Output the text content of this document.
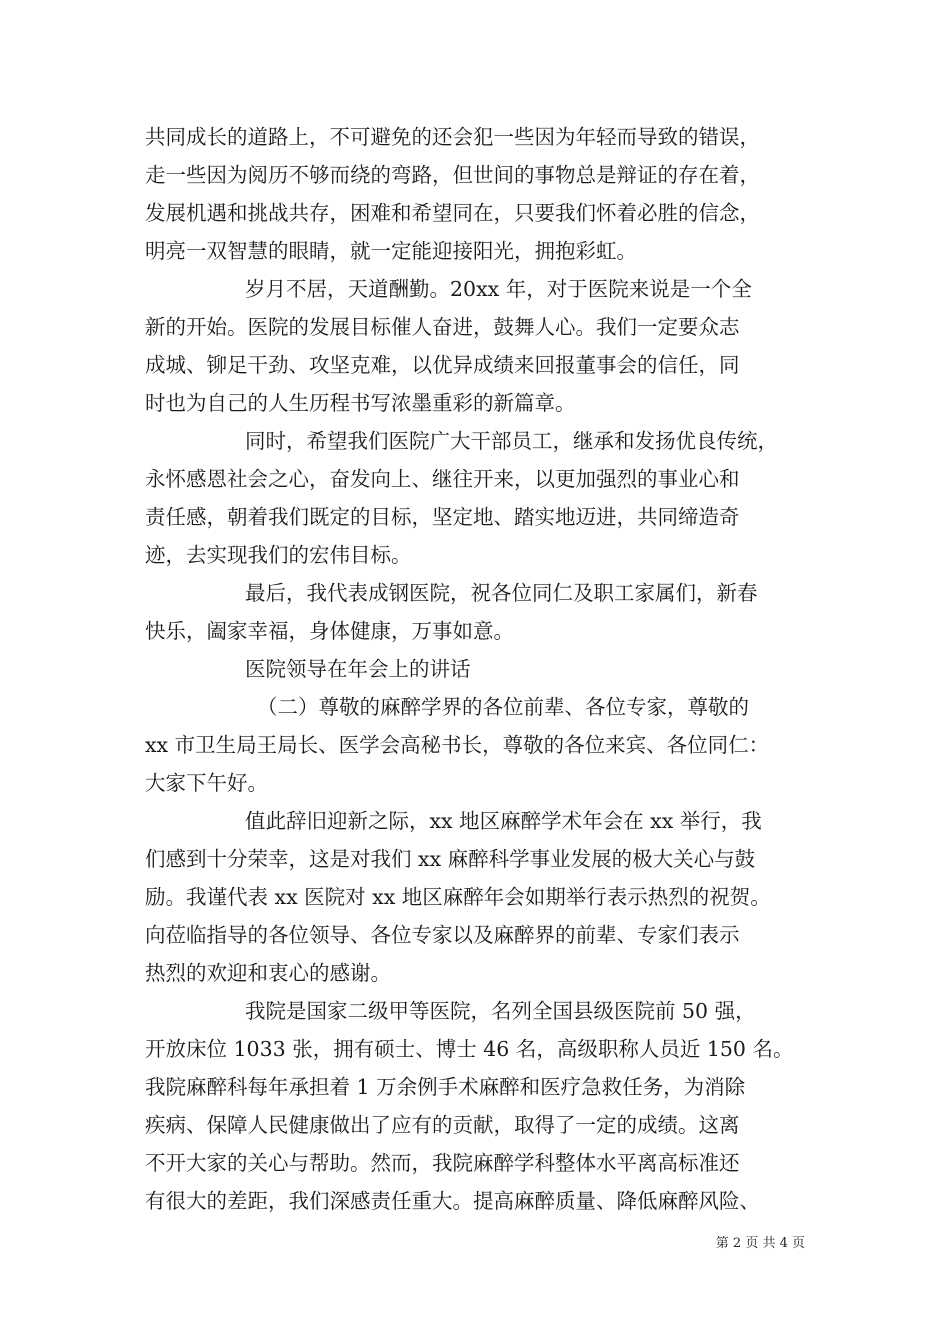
共同成长的道路上，不可避免的还会犯一些因为年轻而导致的错误，
走一些因为阅历不够而绕的弯路，但世间的事物总是辩证的存在着，
发展机遇和挑战共存，困难和希望同在，只要我们怀着必胜的信念，
明亮一双智慧的眼睛，就一定能迎接阳光，拥抱彩虹。
岁月不居，天道酬勤。20xx 年，对于医院来说是一个全
新的开始。医院的发展目标催人奋进，鼓舞人心。我们一定要众志
成城、铆足干劲、攻坚克难，以优异成绩来回报董事会的信任，同
时也为自己的人生历程书写浓墨重彩的新篇章。
同时，希望我们医院广大干部员工，继承和发扬优良传统，
永怀感恩社会之心，奋发向上、继往开来，以更加强烈的事业心和
责任感，朝着我们既定的目标，坚定地、踏实地迈进，共同缔造奇
迹，去实现我们的宏伟目标。
最后，我代表成钢医院，祝各位同仁及职工家属们，新春
快乐，阖家幸福，身体健康，万事如意。
医院领导在年会上的讲话
（二）尊敬的麻醉学界的各位前辈、各位专家，尊敬的
xx 市卫生局王局长、医学会高秘书长，尊敬的各位来宾、各位同仁：
大家下午好。
值此辞旧迎新之际，xx 地区麻醉学术年会在 xx 举行，我
们感到十分荣幸，这是对我们 xx 麻醉科学事业发展的极大关心与鼓
励。我谨代表 xx 医院对 xx 地区麻醉年会如期举行表示热烈的祝贺。
向莅临指导的各位领导、各位专家以及麻醉界的前辈、专家们表示
热烈的欢迎和衷心的感谢。
我院是国家二级甲等医院，名列全国县级医院前 50 强，
开放床位 1033 张，拥有硕士、博士 46 名，高级职称人员近 150 名。
我院麻醉科每年承担着 1 万余例手术麻醉和医疗急救任务，为消除
疾病、保障人民健康做出了应有的贡献，取得了一定的成绩。这离
不开大家的关心与帮助。然而，我院麻醉学科整体水平离高标准还
有很大的差距，我们深感责任重大。提高麻醉质量、降低麻醉风险、
第 2 页 共 4 页
